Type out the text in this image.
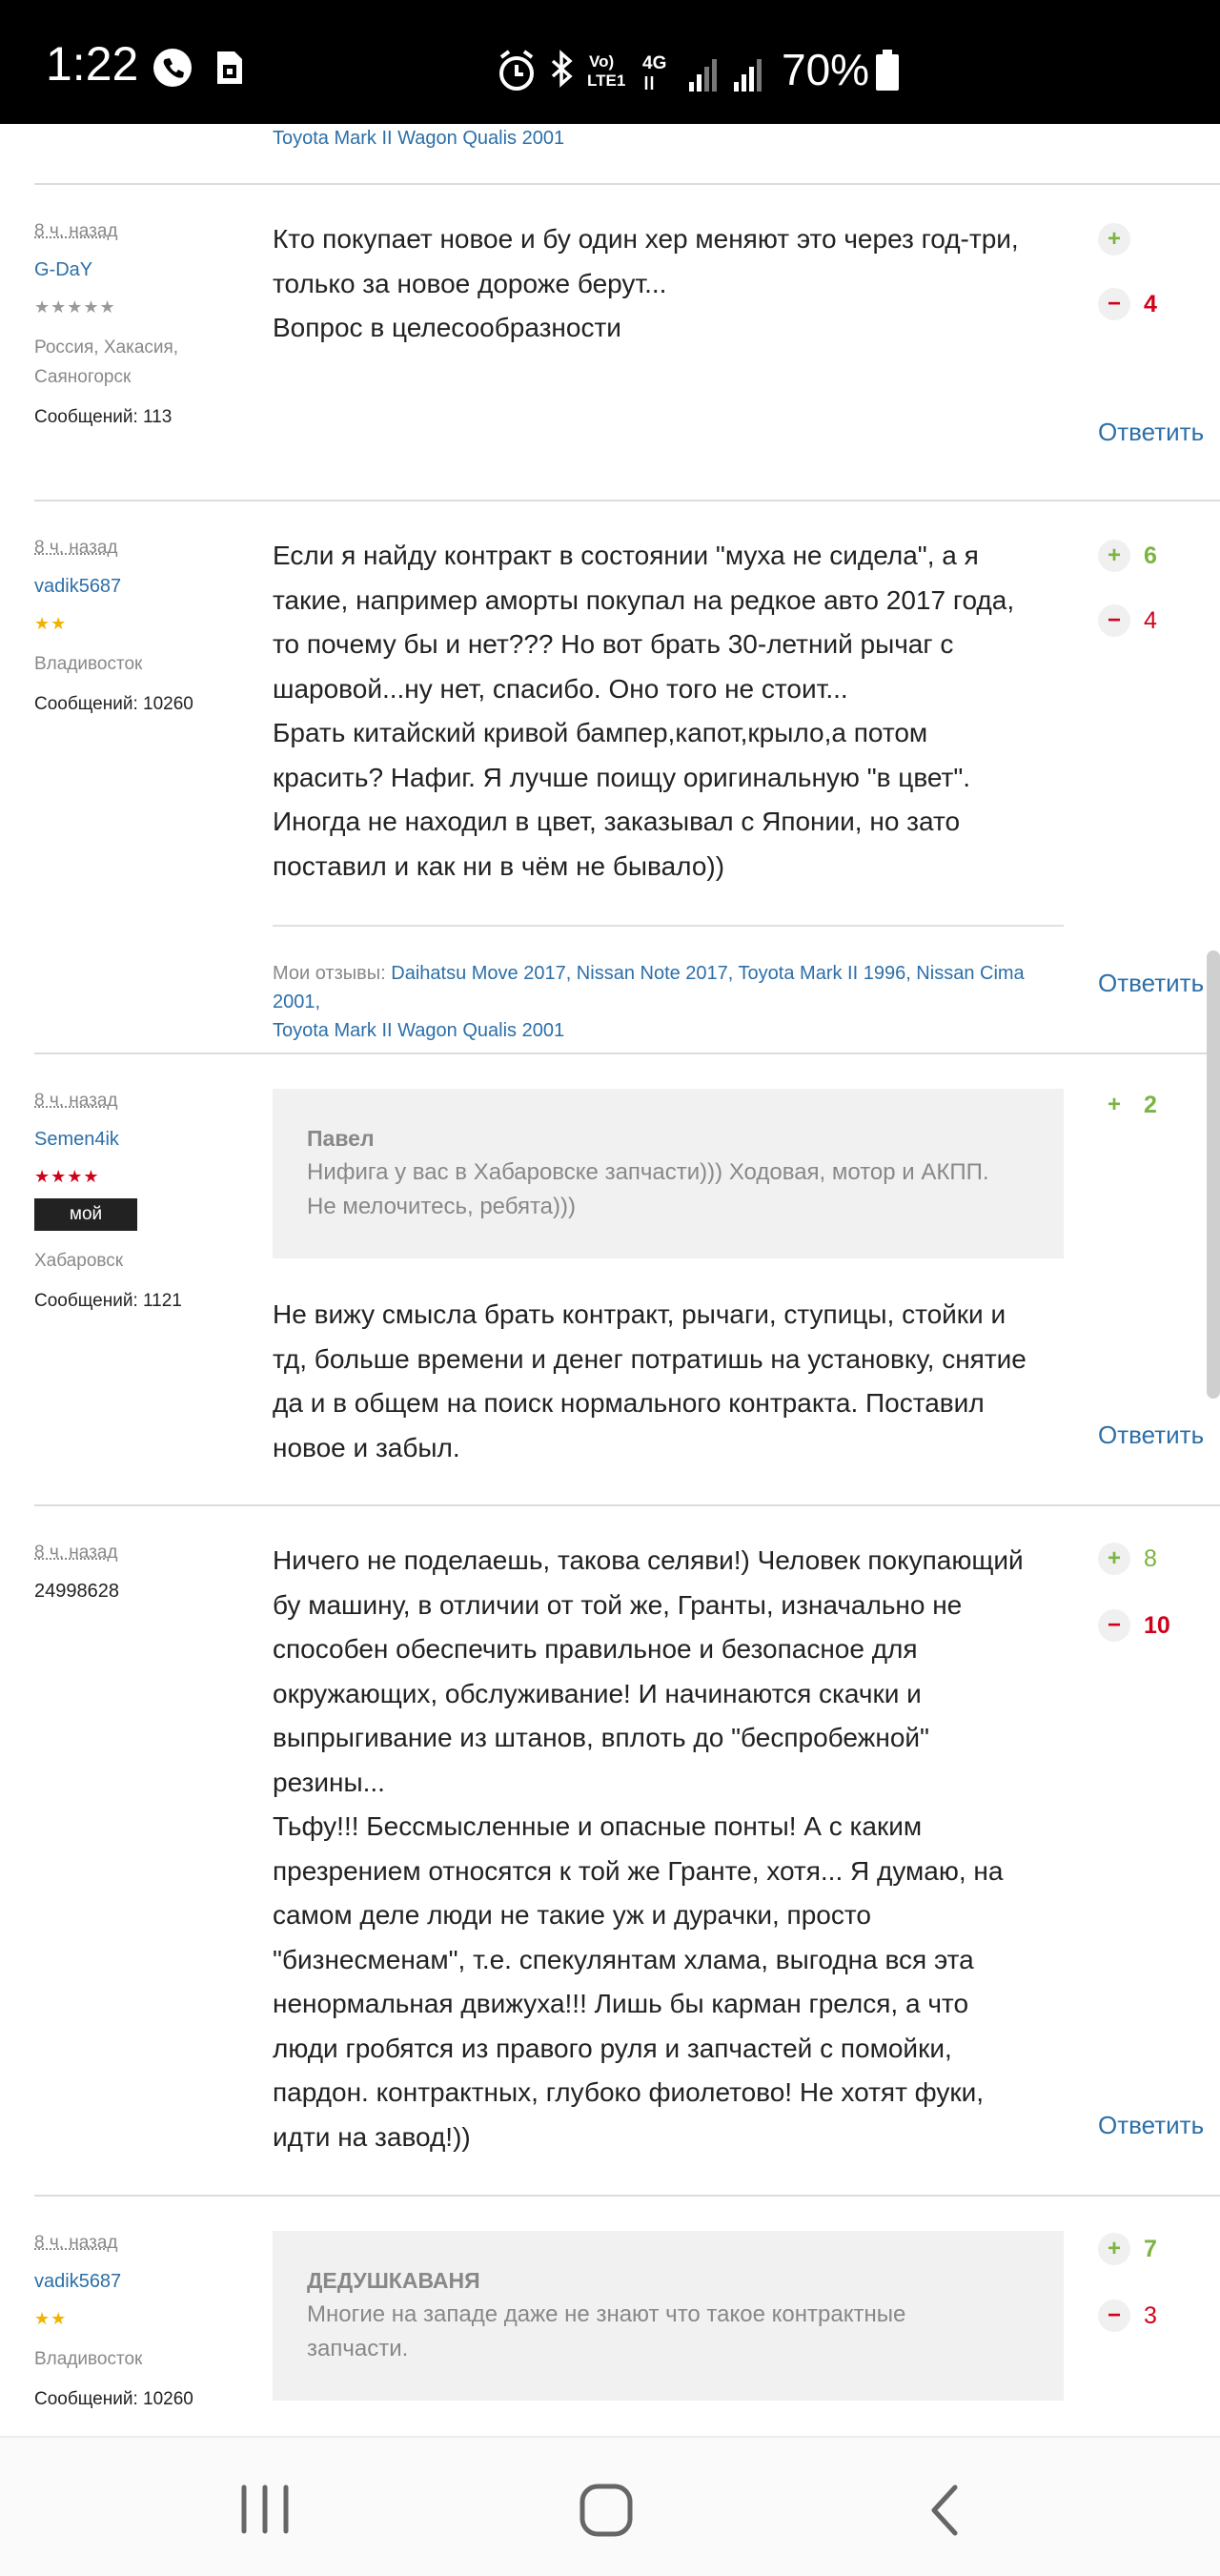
1:22	Vo)
LTE1
4G	70%
Toyota Mark II Wagon Qualis 2001
8 ч. назад
G-DaY
★★★★★
Россия, Хакасия, Саяногорск
Сообщений: 113
Кто покупает новое и бу один хер меняют это через год-три,
только за новое дороже берут...
Вопрос в целесообразности
+
− 4
Ответить
8 ч. назад
vadik5687
★★
Владивосток
Сообщений: 10260
Если я найду контракт в состоянии "муха не сидела", а я
такие, например аморты покупал на редкое авто 2017 года,
то почему бы и нет??? Но вот брать 30-летний рычаг с
шаровой...ну нет, спасибо. Оно того не стоит...
Брать китайский кривой бампер,капот,крыло,а потом
красить? Нафиг. Я лучше поищу оригинальную "в цвет".
Иногда не находил в цвет, заказывал с Японии, но зато
поставил и как ни в чём не бывало))
Мои отзывы: Daihatsu Move 2017, Nissan Note 2017, Toyota Mark II 1996, Nissan Cima 2001,
Toyota Mark II Wagon Qualis 2001
+ 6
− 4
Ответить
8 ч. назад
Semen4ik
★★★★
мой
Хабаровск
Сообщений: 1121
Павел
Нифига у вас в Хабаровске запчасти))) Ходовая, мотор и АКПП.
Не мелочитесь, ребята)))
Не вижу смысла брать контракт, рычаги, ступицы, стойки и
тд, больше времени и денег потратишь на установку, снятие
да и в общем на поиск нормального контракта. Поставил
новое и забыл.
+ 2
Ответить
8 ч. назад
24998628
Ничего не поделаешь, такова селяви!) Человек покупающий
бу машину, в отличии от той же, Гранты, изначально не
способен обеспечить правильное и безопасное для
окружающих, обслуживание! И начинаются скачки и
выпрыгивание из штанов, вплоть до "беспробежной"
резины...
Тьфу!!! Бессмысленные и опасные понты! А с каким
презрением относятся к той же Гранте, хотя... Я думаю, на
самом деле люди не такие уж и дурачки, просто
"бизнесменам", т.е. спекулянтам хлама, выгодна вся эта
ненормальная движуха!!! Лишь бы карман грелся, а что
люди гробятся из правого руля и запчастей с помойки,
пардон. контрактных, глубоко фиолетово! Не хотят фуки,
идти на завод!))
+ 8
− 10
Ответить
8 ч. назад
vadik5687
★★
Владивосток
Сообщений: 10260
ДЕДУШКАВАНЯ
Многие на западе даже не знают что такое контрактные
запчасти.
+ 7
− 3
